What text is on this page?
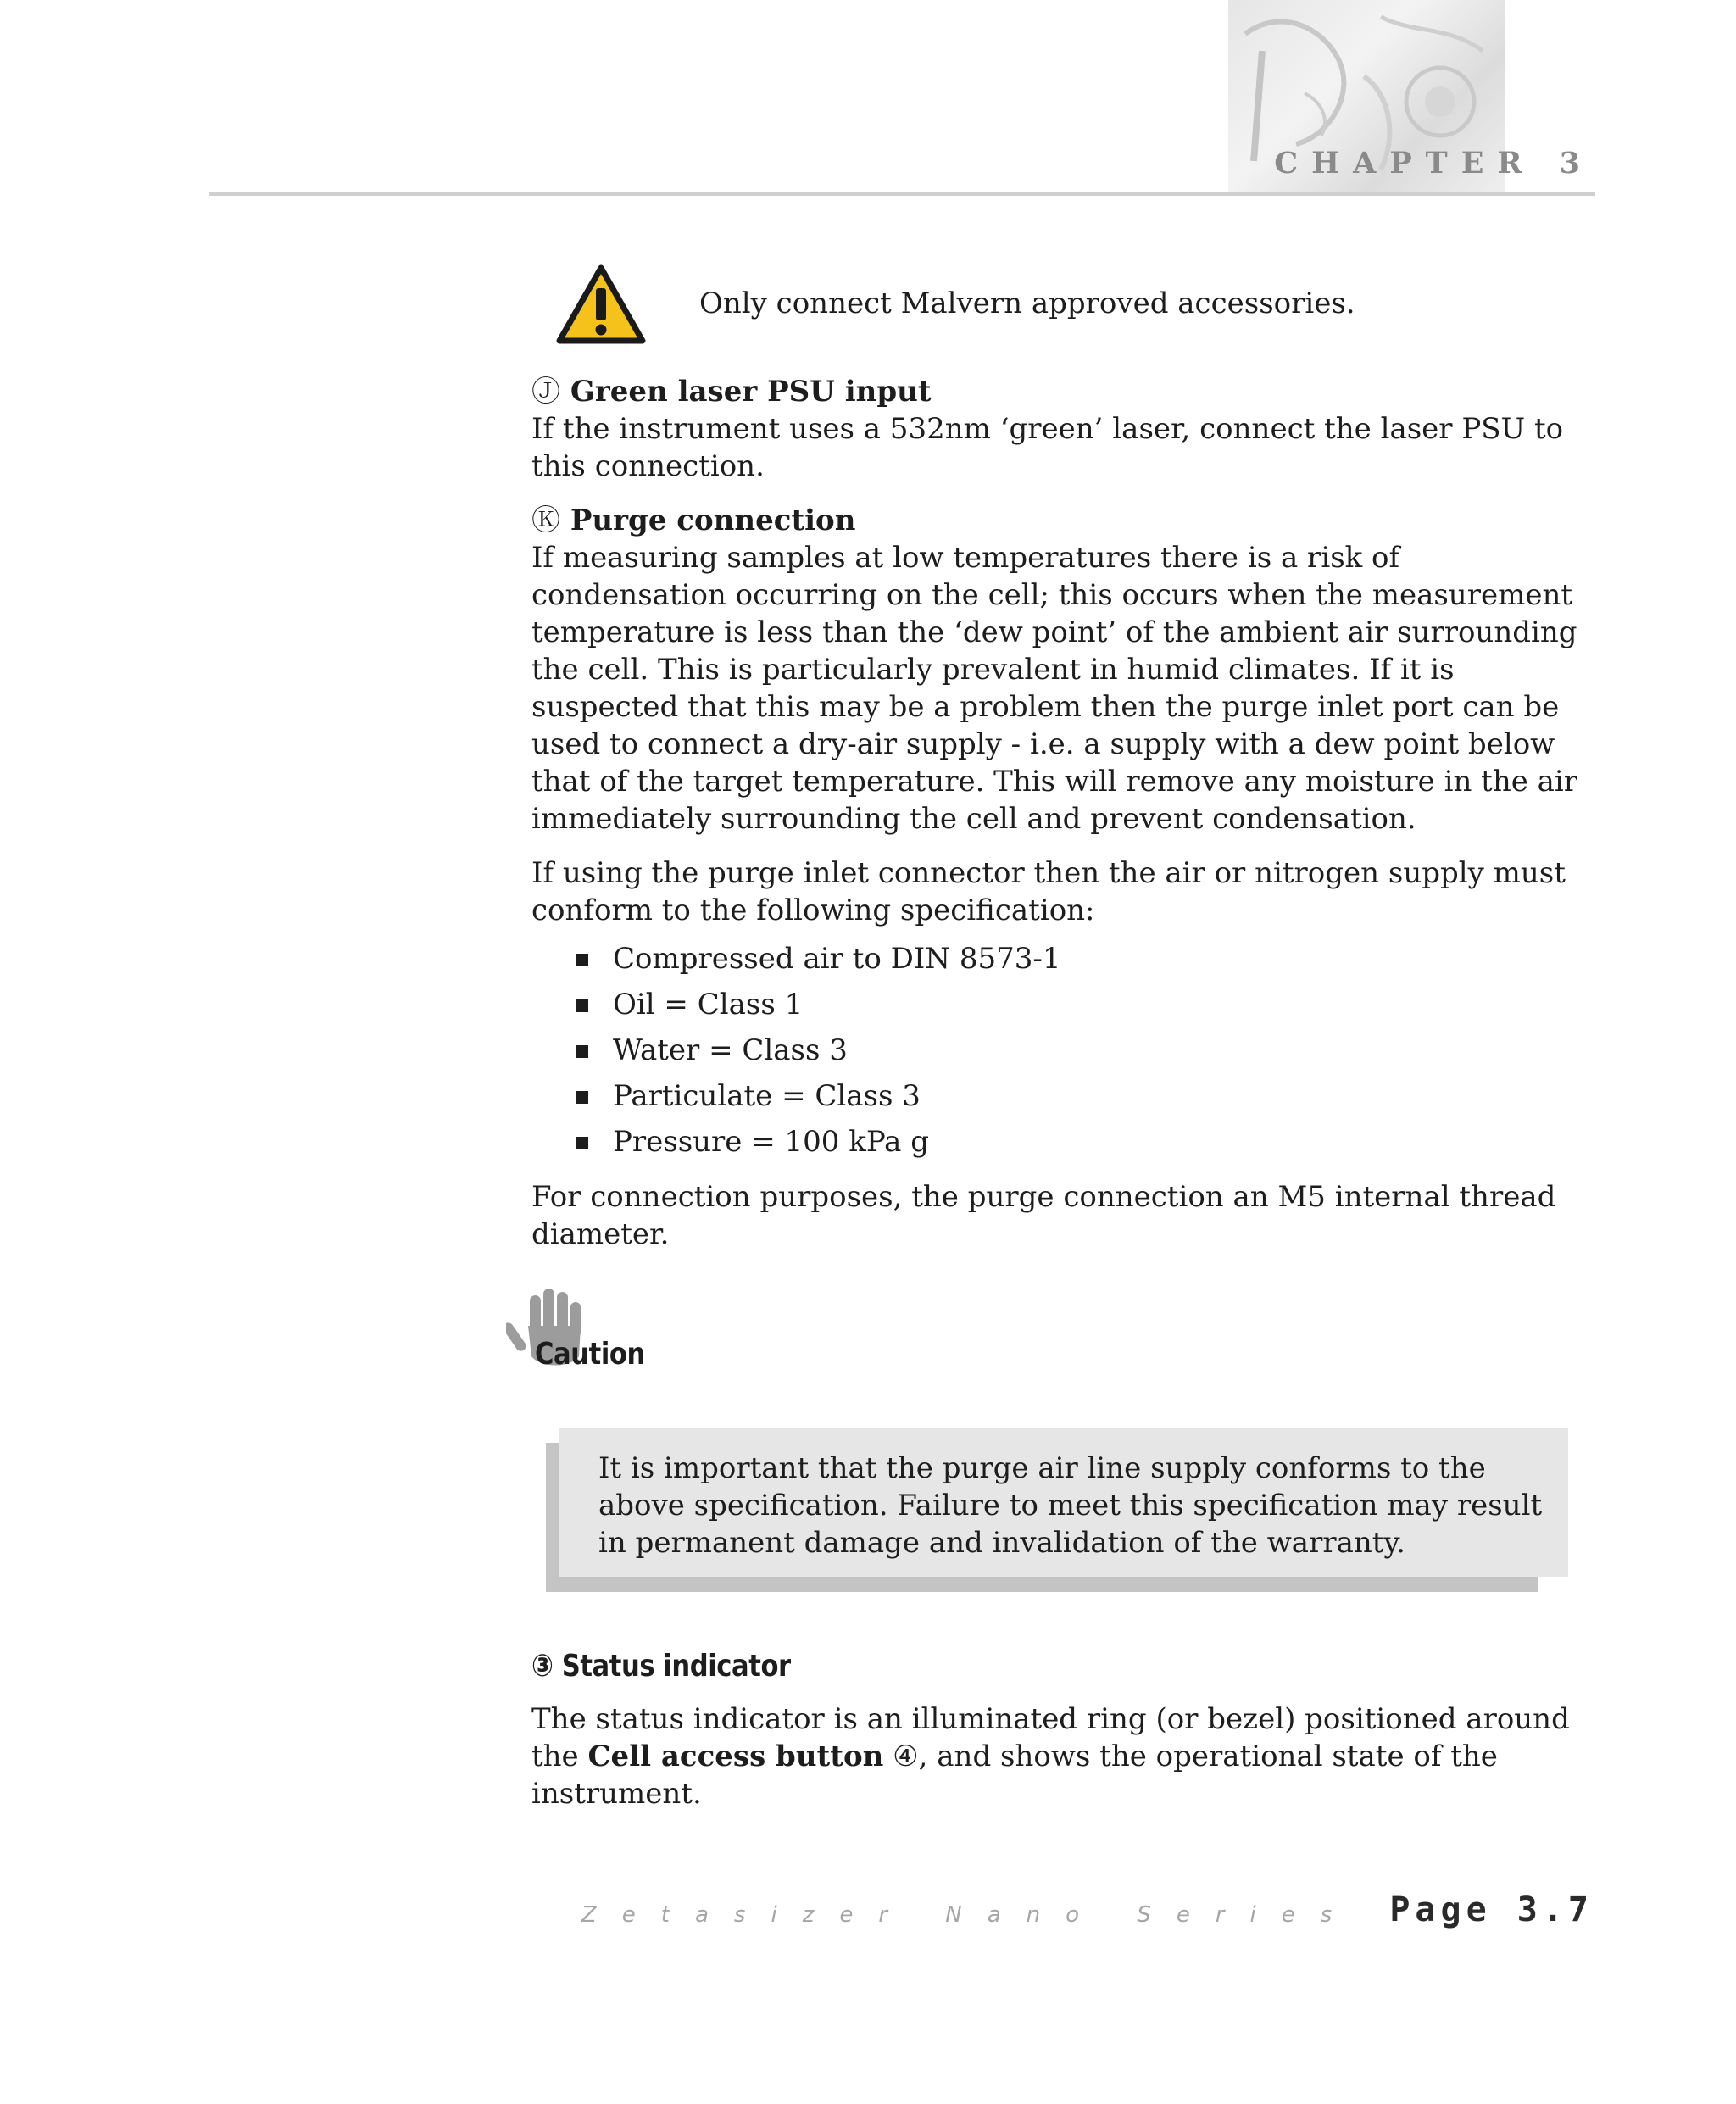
CHAPTER 3
Only connect Malvern approved accessories.

Ⓙ Green laser PSU input

If the instrument uses a 532nm ‘green’ laser, connect the laser PSU to this connection.

Ⓚ Purge connection

If measuring samples at low temperatures there is a risk of condensation occurring on the cell; this occurs when the measurement temperature is less than the ‘dew point’ of the ambient air surrounding the cell. This is particularly prevalent in humid climates. If it is suspected that this may be a problem then the purge inlet port can be used to connect a dry-air supply - i.e. a supply with a dew point below that of the target temperature. This will remove any moisture in the air immediately surrounding the cell and prevent condensation.

If using the purge inlet connector then the air or nitrogen supply must conform to the following specification:

Compressed air to DIN 8573-1
Oil = Class 1
Water = Class 3
Particulate = Class 3
Pressure = 100 kPa g

For connection purposes, the purge connection an M5 internal thread diameter.

Caution

It is important that the purge air line supply conforms to the above specification. Failure to meet this specification may result in permanent damage and invalidation of the warranty.

③ Status indicator

The status indicator is an illuminated ring (or bezel) positioned around the Cell access button ④, and shows the operational state of the instrument.

Zetasizer Nano Series Page 3.7
